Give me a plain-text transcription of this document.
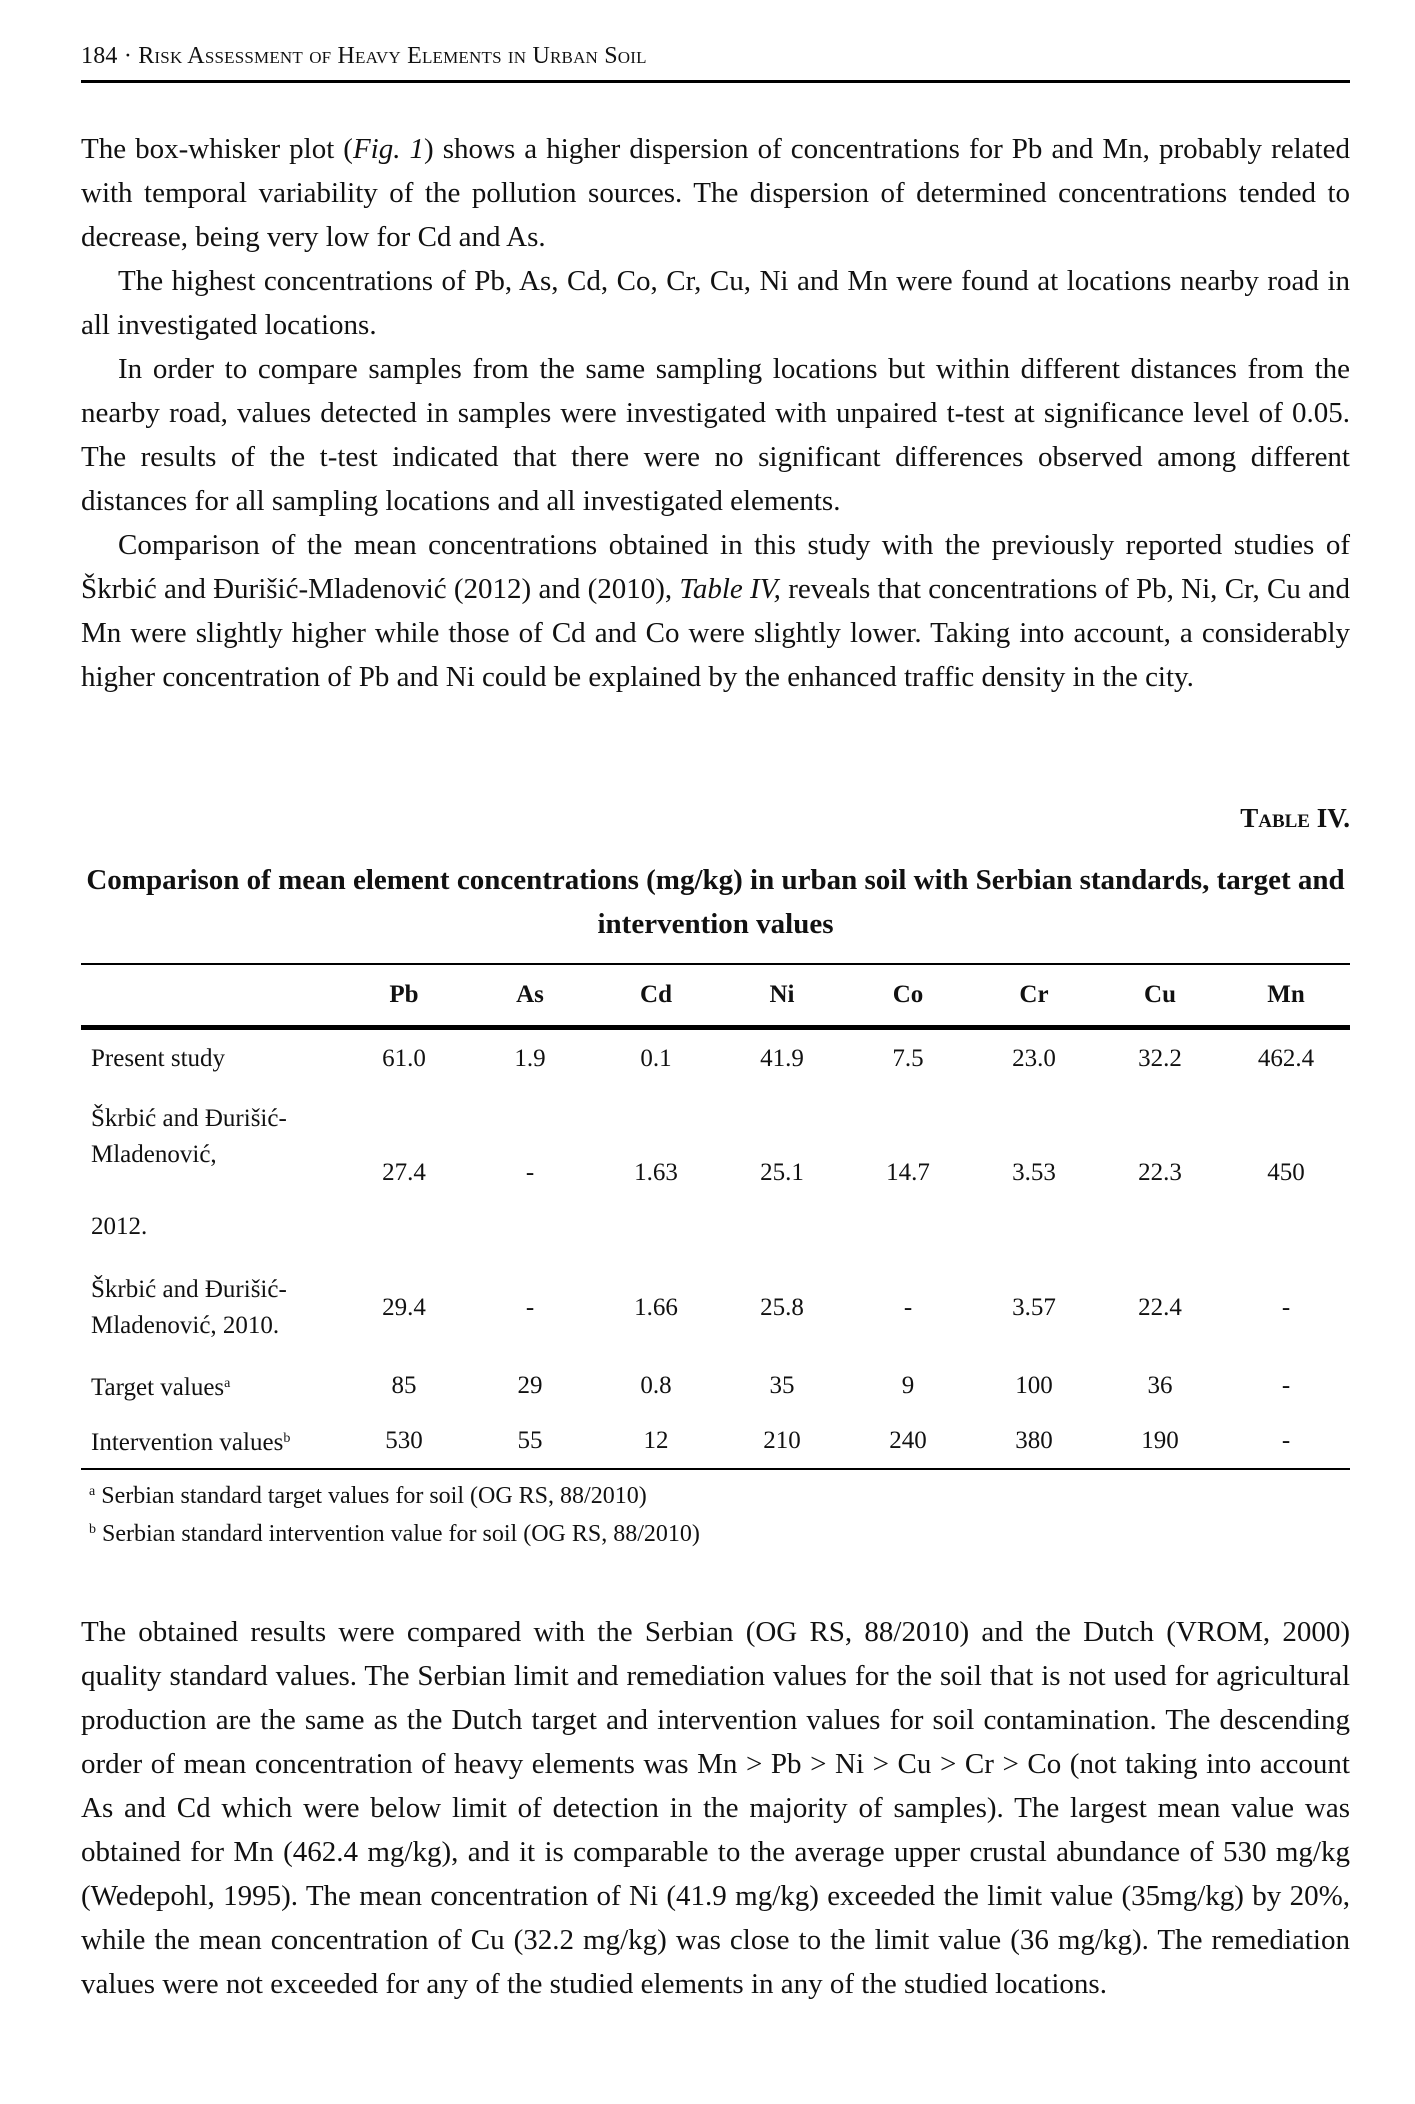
184 · Risk Assessment of Heavy Elements in Urban Soil

The box-whisker plot (Fig. 1) shows a higher dispersion of concentrations for Pb and Mn, probably related with temporal variability of the pollution sources. The dispersion of determined concentrations tended to decrease, being very low for Cd and As.

The highest concentrations of Pb, As, Cd, Co, Cr, Cu, Ni and Mn were found at locations nearby road in all investigated locations.

In order to compare samples from the same sampling locations but within different distances from the nearby road, values detected in samples were investigated with unpaired t-test at significance level of 0.05. The results of the t-test indicated that there were no significant differences observed among different distances for all sampling locations and all investigated elements.

Comparison of the mean concentrations obtained in this study with the previously reported studies of Škrbić and Đurišić-Mladenović (2012) and (2010), Table IV, reveals that concentrations of Pb, Ni, Cr, Cu and Mn were slightly higher while those of Cd and Co were slightly lower. Taking into account, a considerably higher concentration of Pb and Ni could be explained by the enhanced traffic density in the city.

Table IV.
Comparison of mean element concentrations (mg/kg) in urban soil with Serbian standards, target and intervention values
Pb	As	Cd	Ni	Co	Cr	Cu	Mn
Present study	61.0	1.9	0.1	41.9	7.5	23.0	32.2	462.4
Škrbić and Đurišić-
Mladenović,
2012.
27.4	-	1.63	25.1	14.7	3.53	22.3	450
Škrbić and Đurišić-
Mladenović, 2010.
29.4	-	1.66	25.8	-	3.57	22.4	-
Target values$^a$	85	29	0.8	35	9	100	36	-
Intervention values$^b$	530	55	12	210	240	380	190	-
$^a$ Serbian standard target values for soil (OG RS, 88/2010)
$^b$ Serbian standard intervention value for soil (OG RS, 88/2010)

The obtained results were compared with the Serbian (OG RS, 88/2010) and the Dutch (VROM, 2000) quality standard values. The Serbian limit and remediation values for the soil that is not used for agricultural production are the same as the Dutch target and intervention values for soil contamination. The descending order of mean concentration of heavy elements was Mn > Pb > Ni > Cu > Cr > Co (not taking into account As and Cd which were below limit of detection in the majority of samples). The largest mean value was obtained for Mn (462.4 mg/kg), and it is comparable to the average upper crustal abundance of 530 mg/kg (Wedepohl, 1995). The mean concentration of Ni (41.9 mg/kg) exceeded the limit value (35mg/kg) by 20%, while the mean concentration of Cu (32.2 mg/kg) was close to the limit value (36 mg/kg). The remediation values were not exceeded for any of the studied elements in any of the studied locations.
